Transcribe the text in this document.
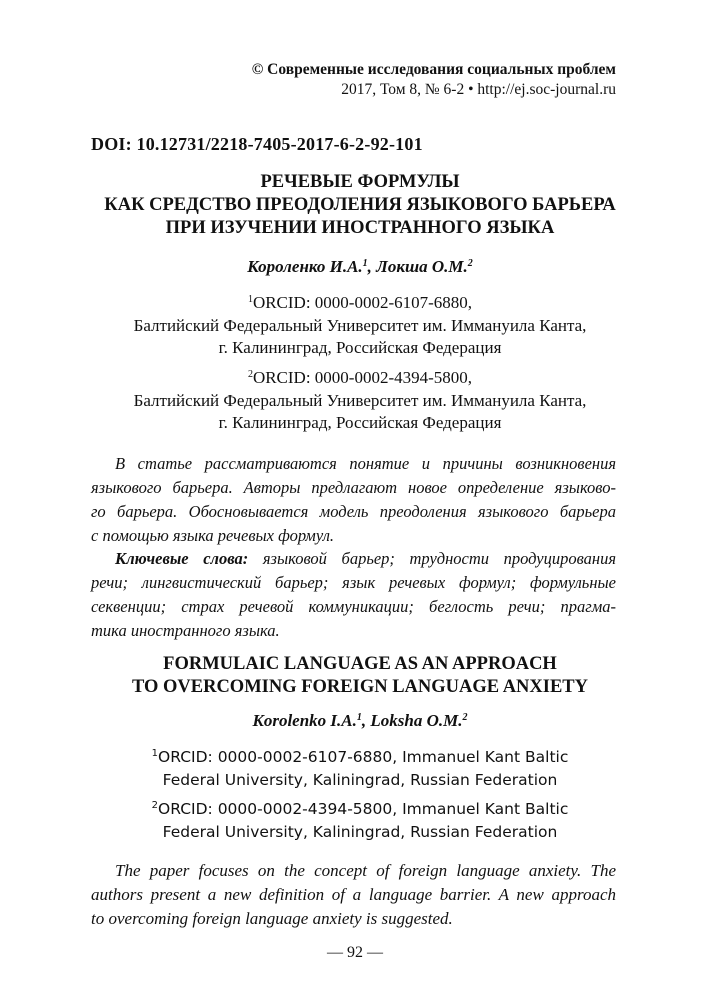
© Современные исследования социальных проблем
2017, Том 8, № 6-2 • http://ej.soc-journal.ru
DOI: 10.12731/2218-7405-2017-6-2-92-101
РЕЧЕВЫЕ ФОРМУЛЫ
КАК СРЕДСТВО ПРЕОДОЛЕНИЯ ЯЗЫКОВОГО БАРЬЕРА
ПРИ ИЗУЧЕНИИ ИНОСТРАННОГО ЯЗЫКА
Короленко И.А.$^1$, Локша О.М.$^2$
$^1$ORCID: 0000-0002-6107-6880,
Балтийский Федеральный Университет им. Иммануила Канта,
г. Калининград, Российская Федерация
$^2$ORCID: 0000-0002-4394-5800,
Балтийский Федеральный Университет им. Иммануила Канта,
г. Калининград, Российская Федерация
В статье рассматриваются понятие и причины возникновения
языкового барьера. Авторы предлагают новое определение языково-
го барьера. Обосновывается модель преодоления языкового барьера
с помощью языка речевых формул.
Ключевые слова: языковой барьер; трудности продуцирования
речи; лингвистический барьер; язык речевых формул; формульные
секвенции; страх речевой коммуникации; беглость речи; прагма-
тика иностранного языка.
FORMULAIC LANGUAGE AS AN APPROACH
TO OVERCOMING FOREIGN LANGUAGE ANXIETY
Korolenko I.A.$^1$, Loksha O.M.$^2$
$^1$ORCID: 0000-0002-6107-6880, Immanuel Kant Baltic
Federal University, Kaliningrad, Russian Federation
$^2$ORCID: 0000-0002-4394-5800, Immanuel Kant Baltic
Federal University, Kaliningrad, Russian Federation
The paper focuses on the concept of foreign language anxiety. The
authors present a new definition of a language barrier. A new approach
to overcoming foreign language anxiety is suggested.
— 92 —
